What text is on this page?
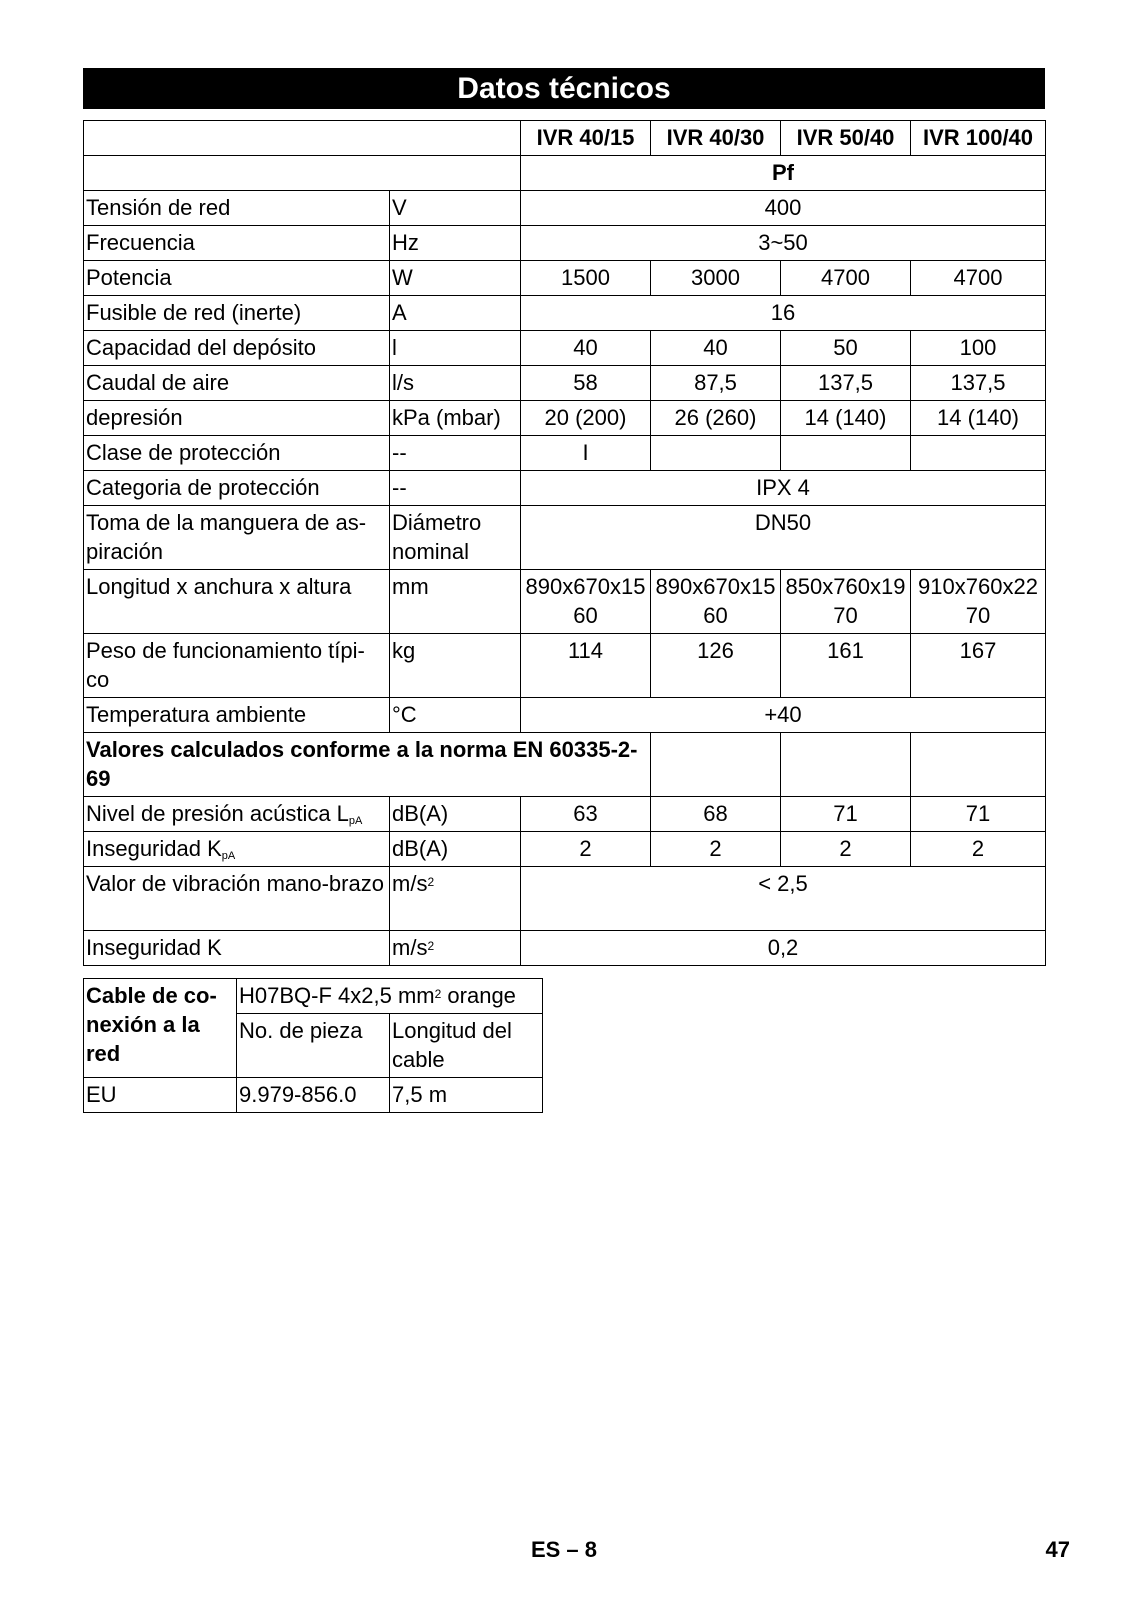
Datos técnicos
		IVR 40/15	IVR 40/30	IVR 50/40	IVR 100/40
		Pf			
Tensión de red	V	400			
Frecuencia	Hz	3~50			
Potencia	W	1500	3000	4700	4700
Fusible de red (inerte)	A	16			
Capacidad del depósito	l	40	40	50	100
Caudal de aire	l/s	58	87,5	137,5	137,5
depresión	kPa (mbar)	20 (200)	26 (260)	14 (140)	14 (140)
Clase de protección	--	I			
Categoria de protección	--	IPX 4			
Toma de la manguera de as-piración	Diámetro nominal	DN50			
Longitud x anchura x altura	mm	890x670x1560	890x670x1560	850x760x1970	910x760x2270
Peso de funcionamiento típi-co	kg	114	126	161	167
Temperatura ambiente	°C	+40			
Valores calculados conforme a la norma EN 60335-2-69					
Nivel de presión acústica $L_{pA}$	dB(A)	63	68	71	71
Inseguridad $K_{pA}$	dB(A)	2	2	2	2
Valor de vibración mano-brazo	$m/s^2$	< 2,5			
Inseguridad K	$m/s^2$	0,2			
Cable de co-nexión a la red	H07BQ-F 4x2,5 $mm^2$ orange	
	No. de pieza	Longitud del cable
EU	9.979-856.0	7,5 m
ES – 8	47
